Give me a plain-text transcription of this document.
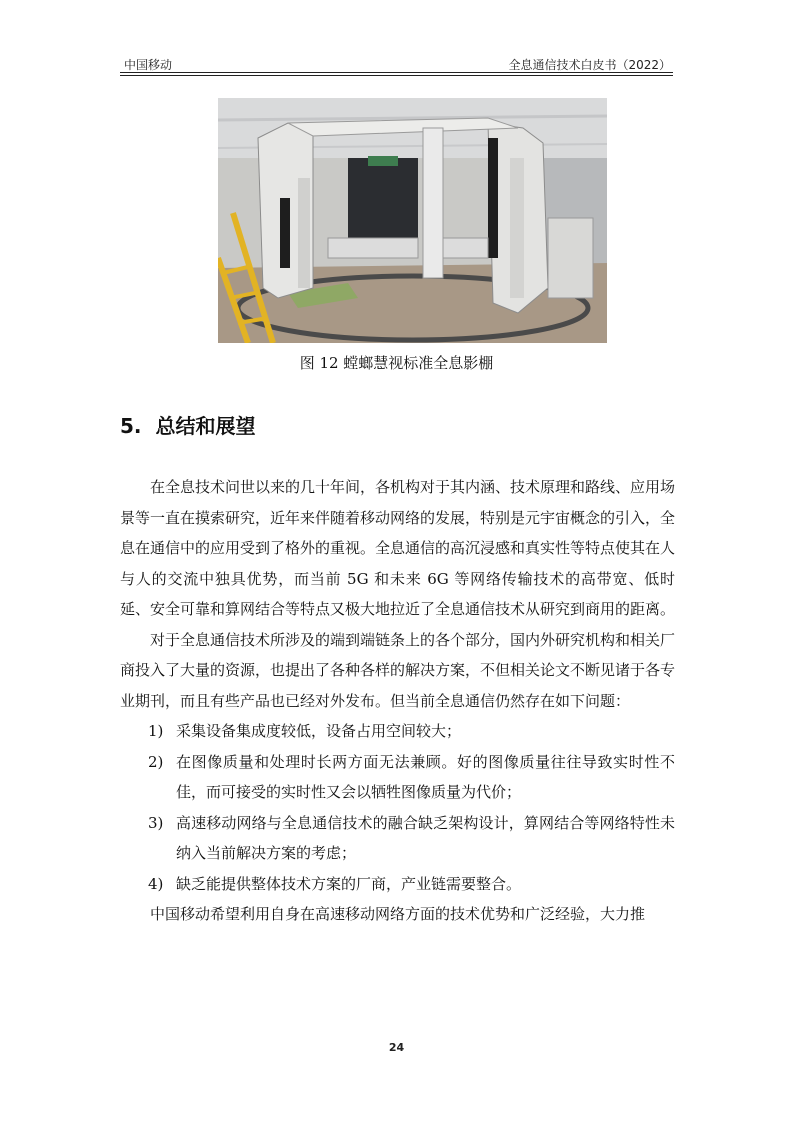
中国移动	全息通信技术白皮书（2022）
图 12 螳螂慧视标准全息影棚
5. 总结和展望

在全息技术问世以来的几十年间，各机构对于其内涵、技术原理和路线、应用场景等一直在摸索研究，近年来伴随着移动网络的发展，特别是元宇宙概念的引入，全息在通信中的应用受到了格外的重视。全息通信的高沉浸感和真实性等特点使其在人与人的交流中独具优势，而当前 5G 和未来 6G 等网络传输技术的高带宽、低时延、安全可靠和算网结合等特点又极大地拉近了全息通信技术从研究到商用的距离。

对于全息通信技术所涉及的端到端链条上的各个部分，国内外研究机构和相关厂商投入了大量的资源，也提出了各种各样的解决方案，不但相关论文不断见诸于各专业期刊，而且有些产品也已经对外发布。但当前全息通信仍然存在如下问题：

1) 采集设备集成度较低，设备占用空间较大；
2) 在图像质量和处理时长两方面无法兼顾。好的图像质量往往导致实时性不佳，而可接受的实时性又会以牺牲图像质量为代价；
3) 高速移动网络与全息通信技术的融合缺乏架构设计，算网结合等网络特性未纳入当前解决方案的考虑；
4) 缺乏能提供整体技术方案的厂商，产业链需要整合。

中国移动希望利用自身在高速移动网络方面的技术优势和广泛经验，大力推

24
